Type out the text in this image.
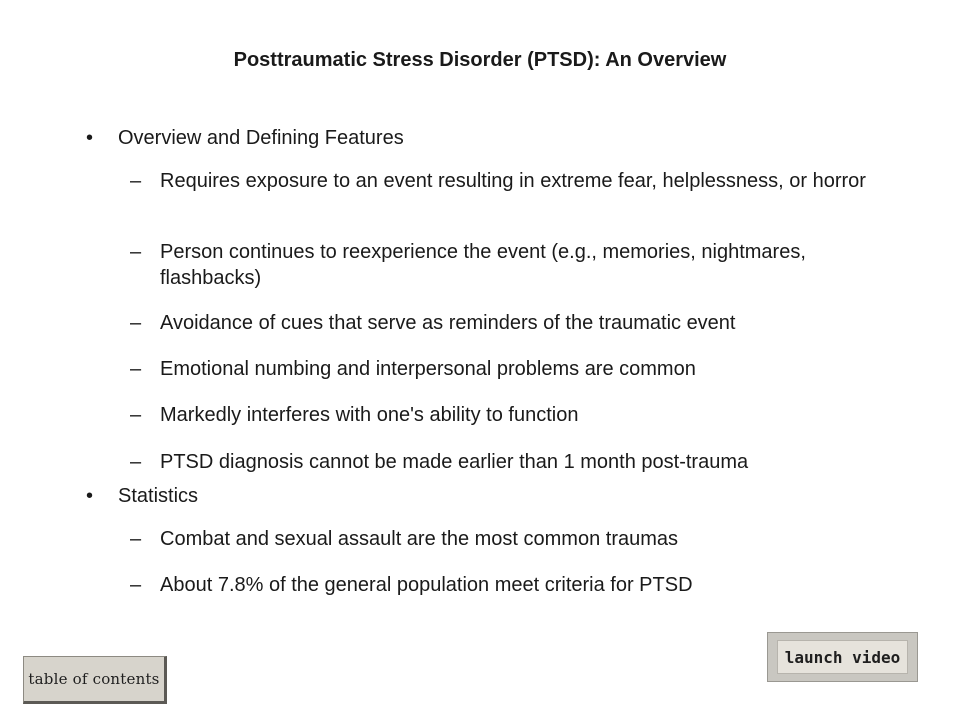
Posttraumatic Stress Disorder (PTSD): An Overview
• Overview and Defining Features
– Requires exposure to an event resulting in extreme fear, helplessness, or horror
– Person continues to reexperience the event (e.g., memories, nightmares, flashbacks)
– Avoidance of cues that serve as reminders of the traumatic event
– Emotional numbing and interpersonal problems are common
– Markedly interferes with one's ability to function
– PTSD diagnosis cannot be made earlier than 1 month post-trauma
• Statistics
– Combat and sexual assault are the most common traumas
– About 7.8% of the general population meet criteria for PTSD
table of contents
launch video
